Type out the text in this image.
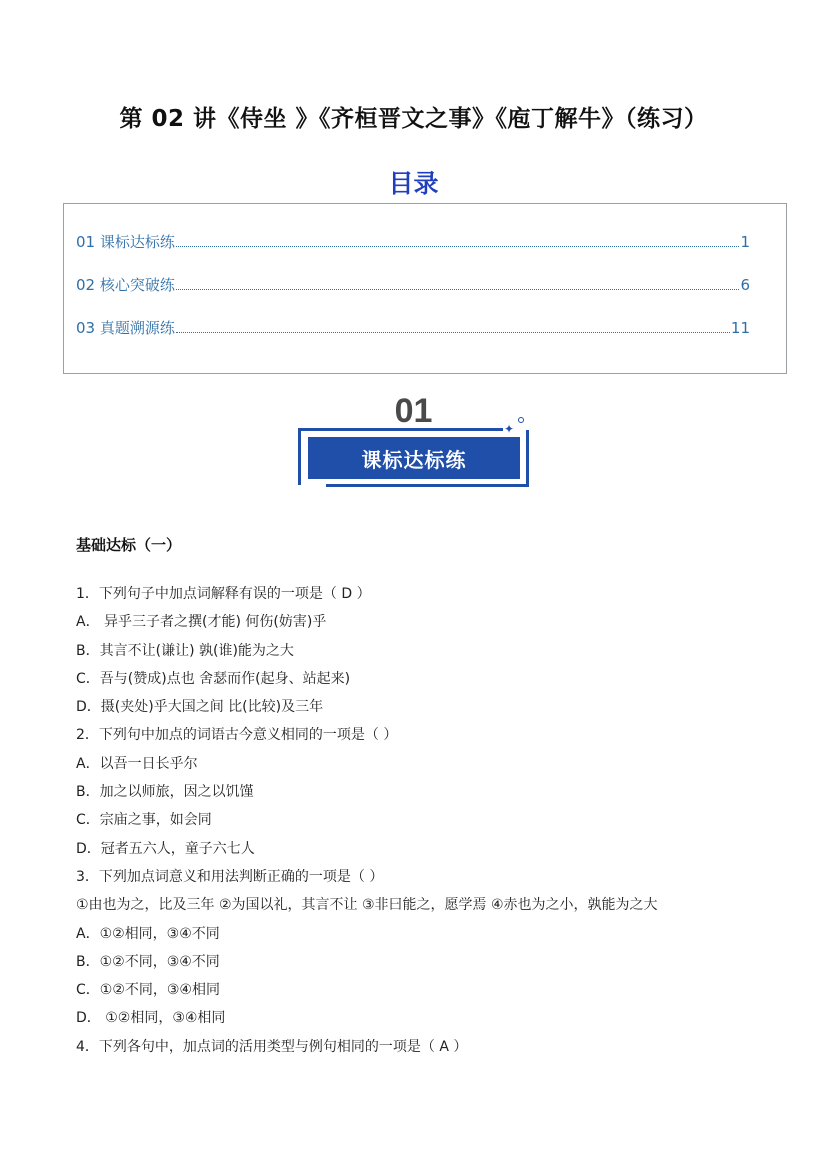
第 02 讲《侍坐 》《齐桓晋文之事》《庖丁解牛》（练习）
目录
01 课标达标练	1
02 核心突破练	6
03 真题溯源练	11
01
课标达标练
✦
基础达标（一）
1．下列句子中加点词解释有误的一项是（ D ）
A． 异乎三子者之撰(才能) 何伤(妨害)乎
B．其言不让(谦让) 孰(谁)能为之大
C．吾与(赞成)点也 舍瑟而作(起身、站起来)
D．摄(夹处)乎大国之间 比(比较)及三年
2．下列句中加点的词语古今意义相同的一项是（ ）
A．以吾一日长乎尔
B．加之以师旅，因之以饥馑
C．宗庙之事，如会同
D．冠者五六人，童子六七人
3．下列加点词意义和用法判断正确的一项是（ ）
①由也为之，比及三年 ②为国以礼，其言不让 ③非曰能之，愿学焉 ④赤也为之小，孰能为之大
A．①②相同，③④不同
B．①②不同，③④不同
C．①②不同，③④相同
D． ①②相同，③④相同
4．下列各句中，加点词的活用类型与例句相同的一项是（ A ）
